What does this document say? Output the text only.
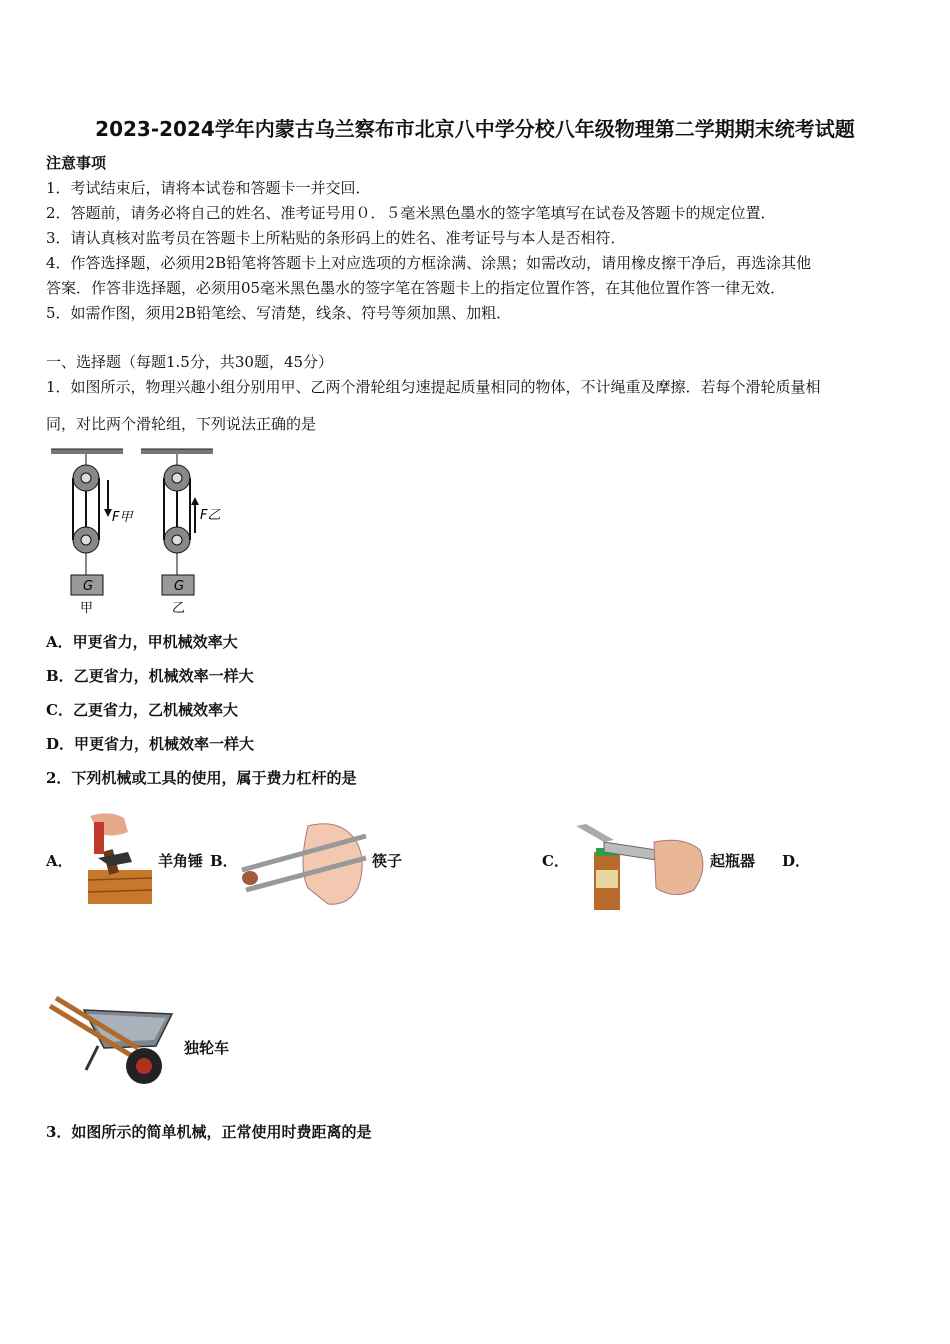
2023-2024学年内蒙古乌兰察布市北京八中学分校八年级物理第二学期期末统考试题
注意事项
1．考试结束后，请将本试卷和答题卡一并交回．
2．答题前，请务必将自己的姓名、准考证号用０．５毫米黑色墨水的签字笔填写在试卷及答题卡的规定位置．
3．请认真核对监考员在答题卡上所粘贴的条形码上的姓名、准考证号与本人是否相符．
4．作答选择题，必须用2B铅笔将答题卡上对应选项的方框涂满、涂黑；如需改动，请用橡皮擦干净后，再选涂其他
答案．作答非选择题，必须用05毫米黑色墨水的签字笔在答题卡上的指定位置作答，在其他位置作答一律无效．
5．如需作图，须用2B铅笔绘、写清楚，线条、符号等须加黑、加粗．
一、选择题（每题1.5分，共30题，45分）
1．如图所示，物理兴趣小组分别用甲、乙两个滑轮组匀速提起质量相同的物体，不计绳重及摩擦．若每个滑轮质量相
同，对比两个滑轮组，下列说法正确的是
F甲
G
甲
F乙
G
乙
A．甲更省力，甲机械效率大
B．乙更省力，机械效率一样大
C．乙更省力，乙机械效率大
D．甲更省力，机械效率一样大
2．下列机械或工具的使用，属于费力杠杆的是
A．	羊角锤 B．	筷子	C．	起瓶器 D．
独轮车
3．如图所示的简单机械，正常使用时费距离的是
